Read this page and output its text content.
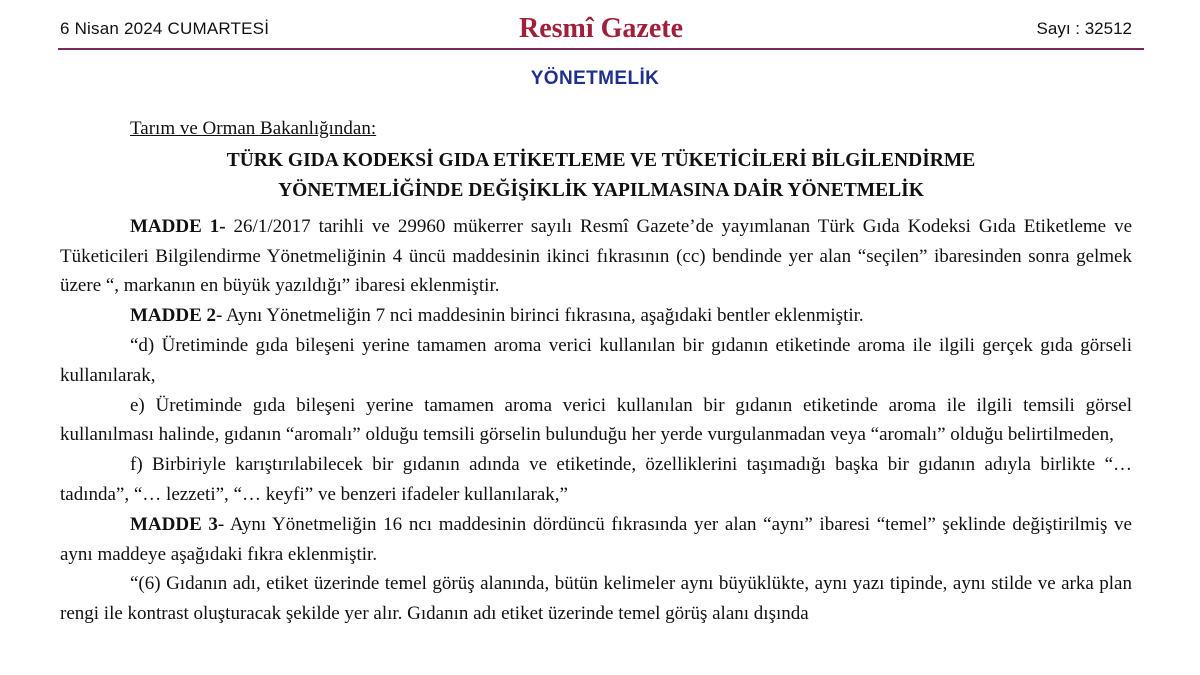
6 Nisan 2024 CUMARTESİ	Resmî Gazete	Sayı : 32512
YÖNETMELİK

Tarım ve Orman Bakanlığından:

TÜRK GIDA KODEKSİ GIDA ETİKETLEME VE TÜKETİCİLERİ BİLGİLENDİRME
YÖNETMELİĞİNDE DEĞİŞİKLİK YAPILMASINA DAİR YÖNETMELİK

MADDE 1- 26/1/2017 tarihli ve 29960 mükerrer sayılı Resmî Gazete’de yayımlanan Türk Gıda Kodeksi Gıda Etiketleme ve Tüketicileri Bilgilendirme Yönetmeliğinin 4 üncü maddesinin ikinci fıkrasının (cc) bendinde yer alan “seçilen” ibaresinden sonra gelmek üzere “, markanın en büyük yazıldığı” ibaresi eklenmiştir.

MADDE 2- Aynı Yönetmeliğin 7 nci maddesinin birinci fıkrasına, aşağıdaki bentler eklenmiştir.

“d) Üretiminde gıda bileşeni yerine tamamen aroma verici kullanılan bir gıdanın etiketinde aroma ile ilgili gerçek gıda görseli kullanılarak,

e) Üretiminde gıda bileşeni yerine tamamen aroma verici kullanılan bir gıdanın etiketinde aroma ile ilgili temsili görsel kullanılması halinde, gıdanın “aromalı” olduğu temsili görselin bulunduğu her yerde vurgulanmadan veya “aromalı” olduğu belirtilmeden,

f) Birbiriyle karıştırılabilecek bir gıdanın adında ve etiketinde, özelliklerini taşımadığı başka bir gıdanın adıyla birlikte “… tadında”, “… lezzeti”, “… keyfi” ve benzeri ifadeler kullanılarak,”

MADDE 3- Aynı Yönetmeliğin 16 ncı maddesinin dördüncü fıkrasında yer alan “aynı” ibaresi “temel” şeklinde değiştirilmiş ve aynı maddeye aşağıdaki fıkra eklenmiştir.

“(6) Gıdanın adı, etiket üzerinde temel görüş alanında, bütün kelimeler aynı büyüklükte, aynı yazı tipinde, aynı stilde ve arka plan rengi ile kontrast oluşturacak şekilde yer alır. Gıdanın adı etiket üzerinde temel görüş alanı dışında
